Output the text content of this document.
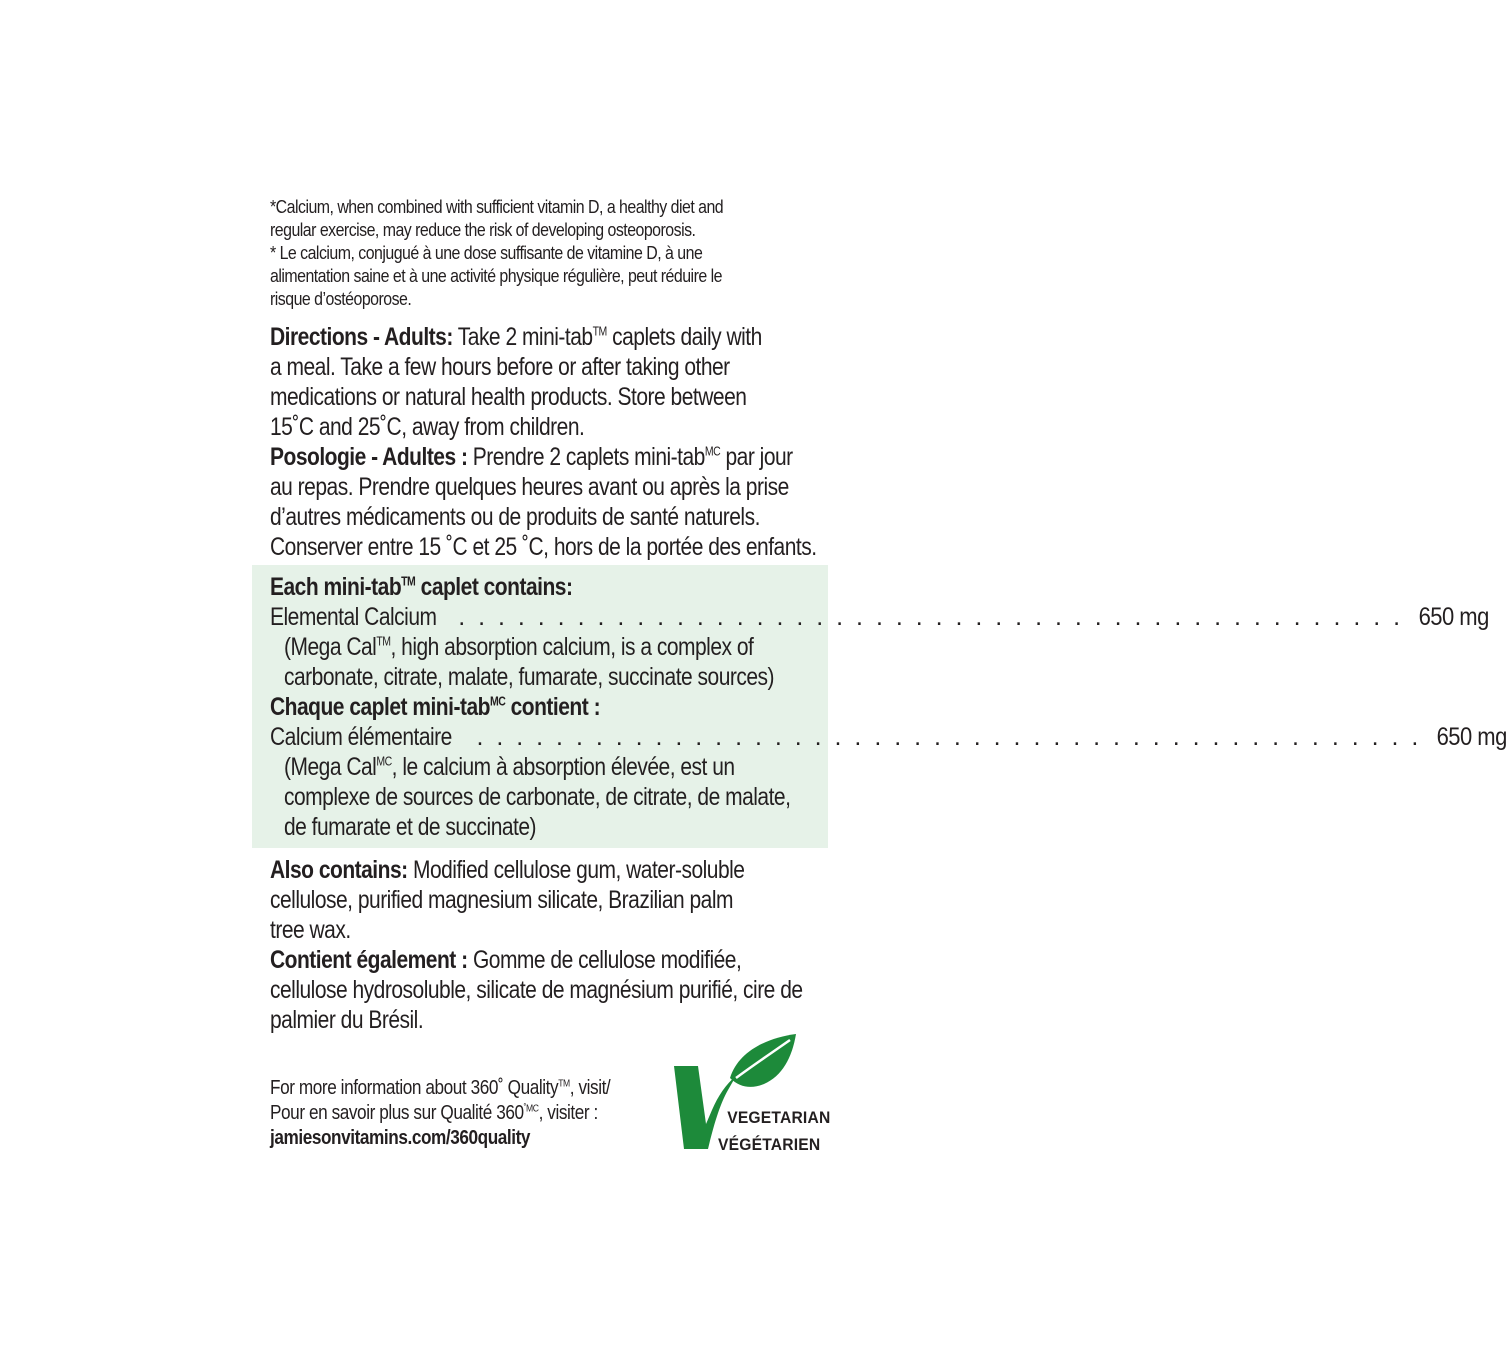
*Calcium, when combined with sufficient vitamin D, a healthy diet and
regular exercise, may reduce the risk of developing osteoporosis.
* Le calcium, conjugué à une dose suffisante de vitamine D, à une
alimentation saine et à une activité physique régulière, peut réduire le
risque d’ostéoporose.
Directions - Adults: Take 2 mini-tab™ caplets daily with
a meal. Take a few hours before or after taking other
medications or natural health products. Store between
15˚C and 25˚C, away from children.
Posologie - Adultes : Prendre 2 caplets mini-tab$^{MC}$ par jour
au repas. Prendre quelques heures avant ou après la prise
d’autres médicaments ou de produits de santé naturels.
Conserver entre 15 ˚C et 25 ˚C, hors de la portée des enfants.
Each mini-tab™ caplet contains:
Elemental Calcium . . . . . . . . . . . . . . . . . . . . . . . . . . . . . . . . . . . . . . . . . . . . . . . . 650 mg
(Mega Cal™, high absorption calcium, is a complex of
carbonate, citrate, malate, fumarate, succinate sources)
Chaque caplet mini-tab$^{MC}$ contient :
Calcium élémentaire . . . . . . . . . . . . . . . . . . . . . . . . . . . . . . . . . . . . . . . . . . . . . . . . 650 mg
(Mega Cal$^{MC}$, le calcium à absorption élevée, est un
complexe de sources de carbonate, de citrate, de malate,
de fumarate et de succinate)
Also contains: Modified cellulose gum, water-soluble
cellulose, purified magnesium silicate, Brazilian palm
tree wax.
Contient également : Gomme de cellulose modifiée,
cellulose hydrosoluble, silicate de magnésium purifié, cire de
palmier du Brésil.
For more information about 360˚ Quality™, visit/
Pour en savoir plus sur Qualité $360^{˚MC}$, visiter :
jamiesonvitamins.com/360quality
VEGETARIAN
VÉGÉTARIEN
